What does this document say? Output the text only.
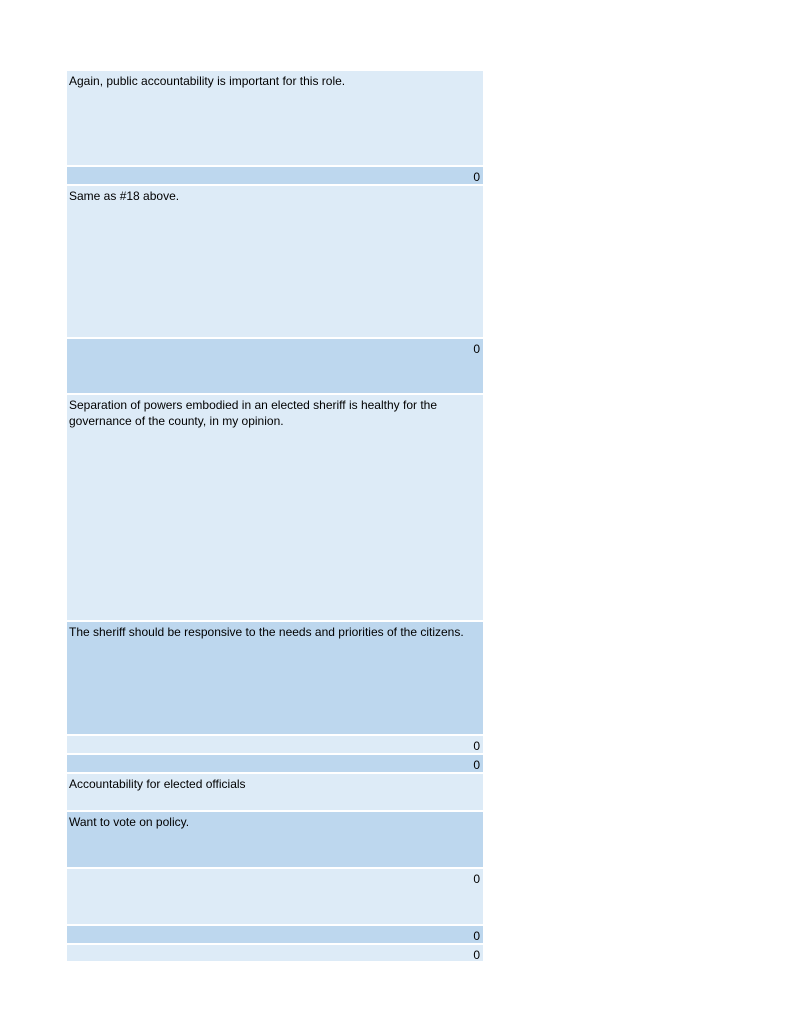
Again, public accountability is important for this role.
0
Same as #18 above.
0
Separation of powers embodied in an elected sheriff is healthy for the governance of the county, in my opinion.
The sheriff should be responsive to the needs and priorities of the citizens.
0
0
Accountability for elected officials
Want to vote on policy.
0
0
0
